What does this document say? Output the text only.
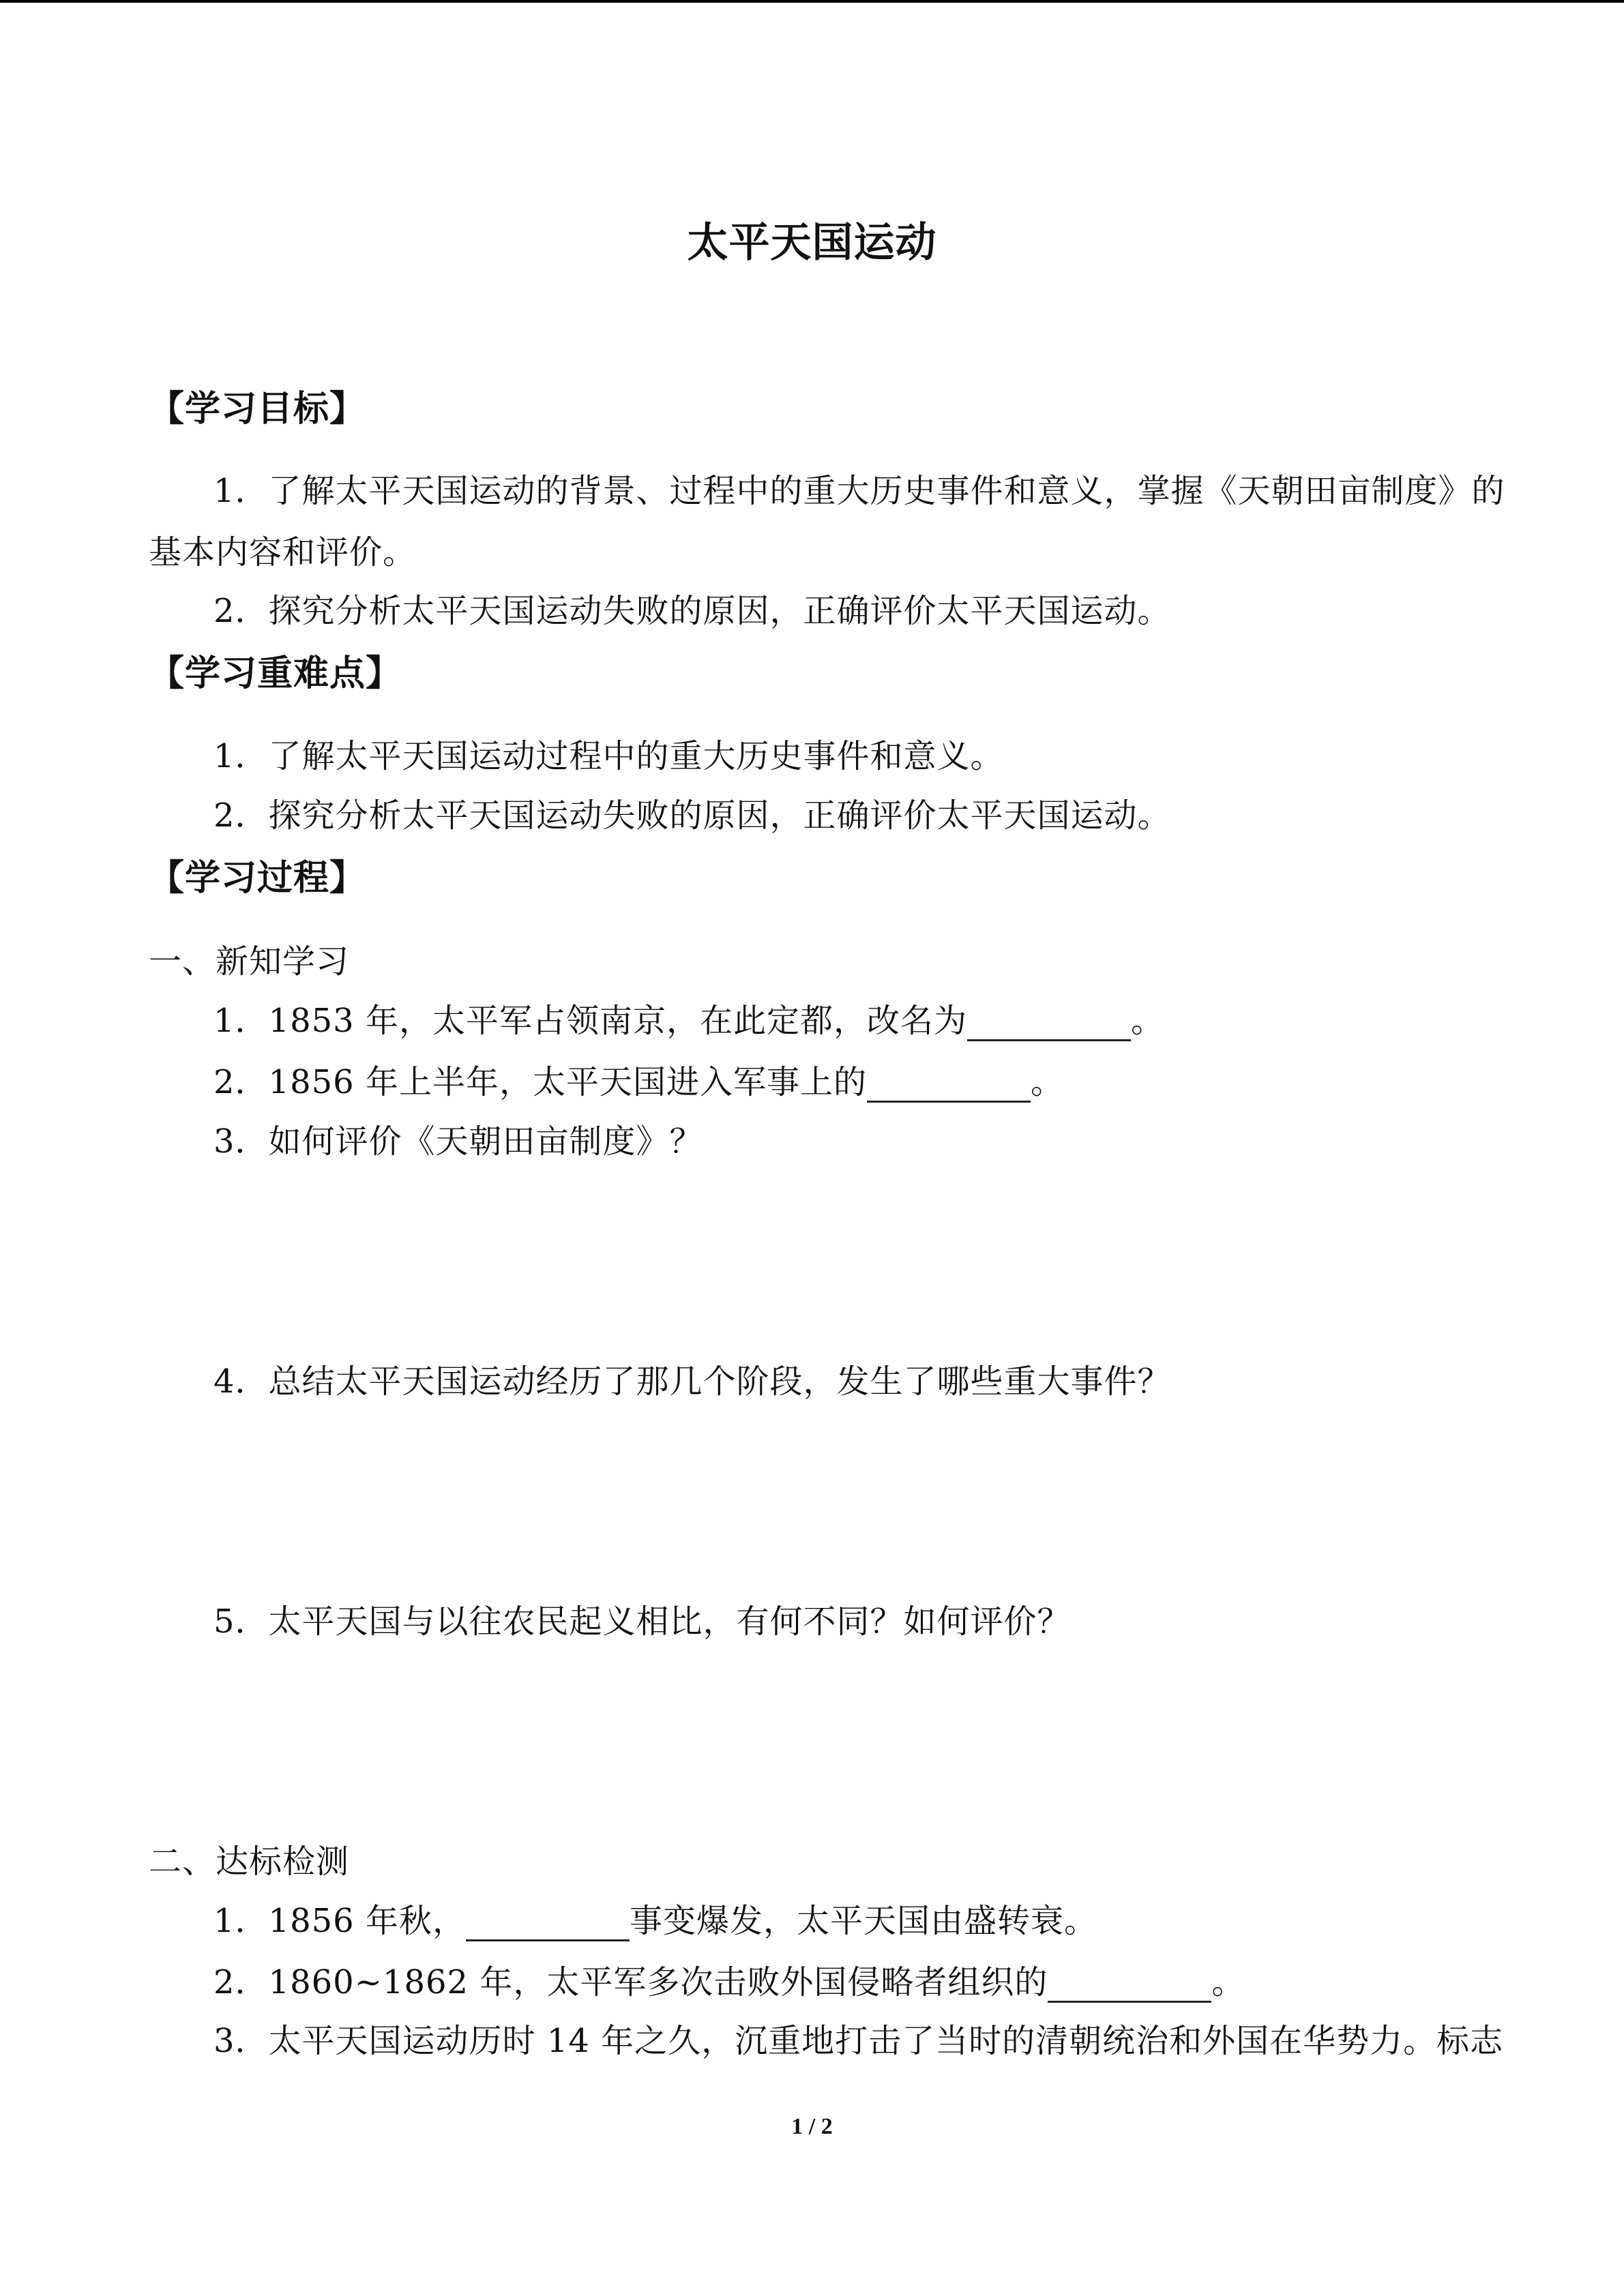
太平天国运动
【学习目标】
1．了解太平天国运动的背景、过程中的重大历史事件和意义，掌握《天朝田亩制度》的
基本内容和评价。
2．探究分析太平天国运动失败的原因，正确评价太平天国运动。
【学习重难点】
1．了解太平天国运动过程中的重大历史事件和意义。
2．探究分析太平天国运动失败的原因，正确评价太平天国运动。
【学习过程】
一、新知学习
1．1853 年，太平军占领南京，在此定都，改名为	。
2．1856 年上半年，太平天国进入军事上的	。
3．如何评价《天朝田亩制度》？
4．总结太平天国运动经历了那几个阶段，发生了哪些重大事件？
5．太平天国与以往农民起义相比，有何不同？如何评价？
二、达标检测
1．1856 年秋，	事变爆发，太平天国由盛转衰。
2．1860~1862 年，太平军多次击败外国侵略者组织的	。
3．太平天国运动历时 14 年之久，沉重地打击了当时的清朝统治和外国在华势力。标志
1 / 2
